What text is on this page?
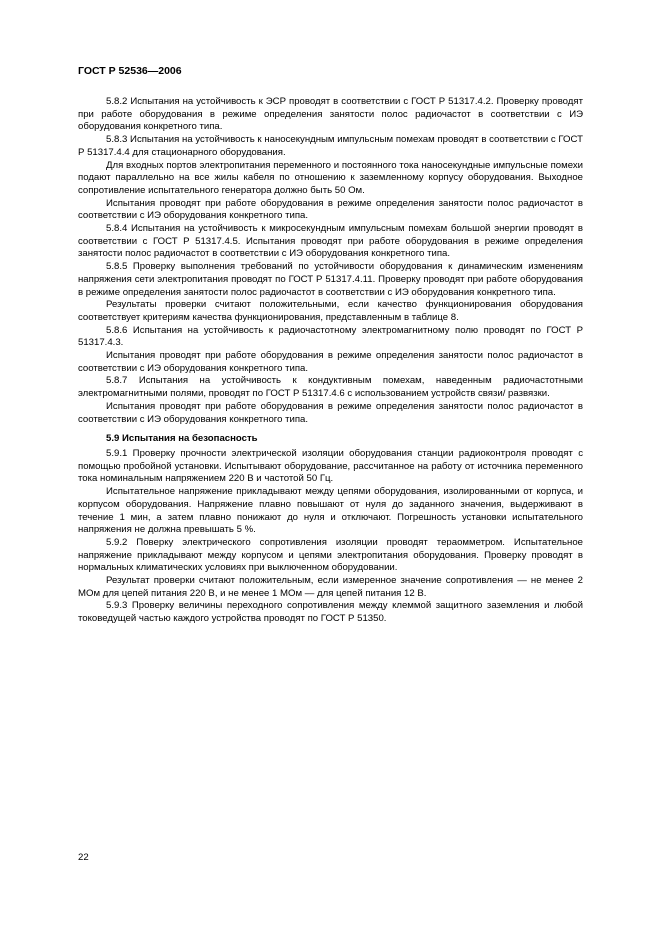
ГОСТ Р 52536—2006

5.8.2 Испытания на устойчивость к ЭСР проводят в соответствии с ГОСТ Р 51317.4.2. Проверку проводят при работе оборудования в режиме определения занятости полос радиочастот в соответствии с ИЭ оборудования конкретного типа.

5.8.3 Испытания на устойчивость к наносекундным импульсным помехам проводят в соответствии с ГОСТ Р 51317.4.4 для стационарного оборудования.

Для входных портов электропитания переменного и постоянного тока наносекундные импульсные помехи подают параллельно на все жилы кабеля по отношению к заземленному корпусу оборудования. Выходное сопротивление испытательного генератора должно быть 50 Ом.

Испытания проводят при работе оборудования в режиме определения занятости полос радиочастот в соответствии с ИЭ оборудования конкретного типа.

5.8.4 Испытания на устойчивость к микросекундным импульсным помехам большой энергии проводят в соответствии с ГОСТ Р 51317.4.5. Испытания проводят при работе оборудования в режиме определения занятости полос радиочастот в соответствии с ИЭ оборудования конкретного типа.

5.8.5 Проверку выполнения требований по устойчивости оборудования к динамическим изменениям напряжения сети электропитания проводят по ГОСТ Р 51317.4.11. Проверку проводят при работе оборудования в режиме определения занятости полос радиочастот в соответствии с ИЭ оборудования конкретного типа.

Результаты проверки считают положительными, если качество функционирования оборудования соответствует критериям качества функционирования, представленным в таблице 8.

5.8.6 Испытания на устойчивость к радиочастотному электромагнитному полю проводят по ГОСТ Р 51317.4.3.

Испытания проводят при работе оборудования в режиме определения занятости полос радиочастот в соответствии с ИЭ оборудования конкретного типа.

5.8.7 Испытания на устойчивость к кондуктивным помехам, наведенным радиочастотными электромагнитными полями, проводят по ГОСТ Р 51317.4.6 с использованием устройств связи/ развязки.

Испытания проводят при работе оборудования в режиме определения занятости полос радиочастот в соответствии с ИЭ оборудования конкретного типа.

5.9 Испытания на безопасность

5.9.1 Проверку прочности электрической изоляции оборудования станции радиоконтроля проводят с помощью пробойной установки. Испытывают оборудование, рассчитанное на работу от источника переменного тока номинальным напряжением 220 В и частотой 50 Гц.

Испытательное напряжение прикладывают между цепями оборудования, изолированными от корпуса, и корпусом оборудования. Напряжение плавно повышают от нуля до заданного значения, выдерживают в течение 1 мин, а затем плавно понижают до нуля и отключают. Погрешность установки испытательного напряжения не должна превышать 5 %.

5.9.2 Поверку электрического сопротивления изоляции проводят тераомметром. Испытательное напряжение прикладывают между корпусом и цепями электропитания оборудования. Проверку проводят в нормальных климатических условиях при выключенном оборудовании.

Результат проверки считают положительным, если измеренное значение сопротивления — не менее 2 МОм для цепей питания 220 В, и не менее 1 МОм — для цепей питания 12 В.

5.9.3 Проверку величины переходного сопротивления между клеммой защитного заземления и любой токоведущей частью каждого устройства проводят по ГОСТ Р 51350.

22
